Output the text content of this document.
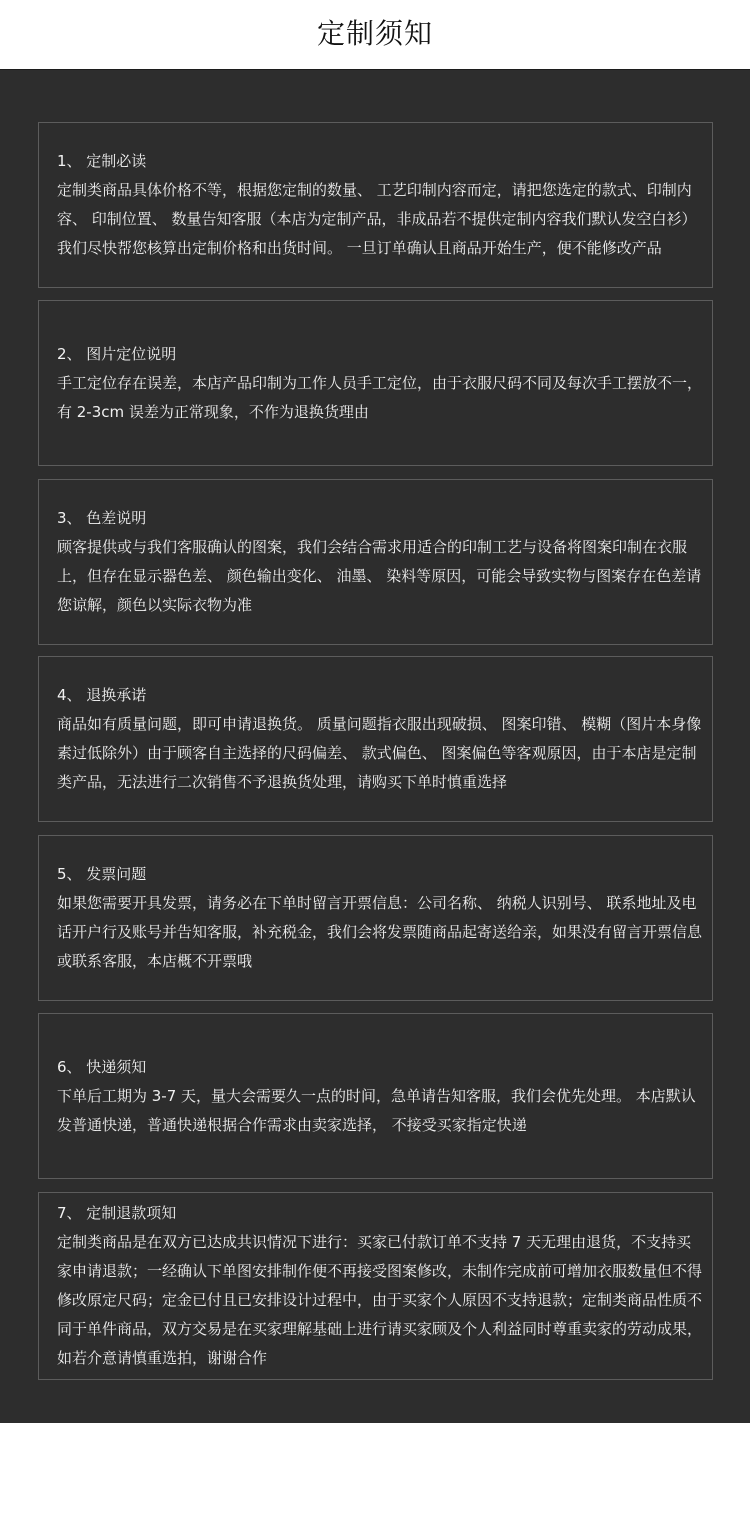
定制须知
1、 定制必读
定制类商品具体价格不等，根据您定制的数量、 工艺印制内容而定，请把您选定的款式、印制内容、 印制位置、 数量告知客服（本店为定制产品，非成品若不提供定制内容我们默认发空白衫）我们尽快帮您核算出定制价格和出货时间。 一旦订单确认且商品开始生产，便不能修改产品
2、 图片定位说明
手工定位存在误差，本店产品印制为工作人员手工定位，由于衣服尺码不同及每次手工摆放不一，有 2-3cm 误差为正常现象，不作为退换货理由
3、 色差说明
顾客提供或与我们客服确认的图案，我们会结合需求用适合的印制工艺与设备将图案印制在衣服上，但存在显示器色差、 颜色输出变化、 油墨、 染料等原因，可能会导致实物与图案存在色差请您谅解，颜色以实际衣物为准
4、 退换承诺
商品如有质量问题，即可申请退换货。 质量问题指衣服出现破损、 图案印错、 模糊（图片本身像素过低除外）由于顾客自主选择的尺码偏差、 款式偏色、 图案偏色等客观原因，由于本店是定制类产品，无法进行二次销售不予退换货处理，请购买下单时慎重选择
5、 发票问题
如果您需要开具发票，请务必在下单时留言开票信息：公司名称、 纳税人识别号、 联系地址及电话开户行及账号并告知客服，补充税金，我们会将发票随商品起寄送给亲，如果没有留言开票信息或联系客服，本店概不开票哦
6、 快递须知
下单后工期为 3-7 天，量大会需要久一点的时间，急单请告知客服，我们会优先处理。 本店默认发普通快递，普通快递根据合作需求由卖家选择， 不接受买家指定快递
7、 定制退款项知
定制类商品是在双方已达成共识情况下进行：买家已付款订单不支持 7 天无理由退货，不支持买家申请退款；一经确认下单图安排制作便不再接受图案修改，未制作完成前可增加衣服数量但不得修改原定尺码；定金已付且已安排设计过程中，由于买家个人原因不支持退款；定制类商品性质不同于单件商品，双方交易是在买家理解基础上进行请买家顾及个人利益同时尊重卖家的劳动成果，如若介意请慎重选拍，谢谢合作
